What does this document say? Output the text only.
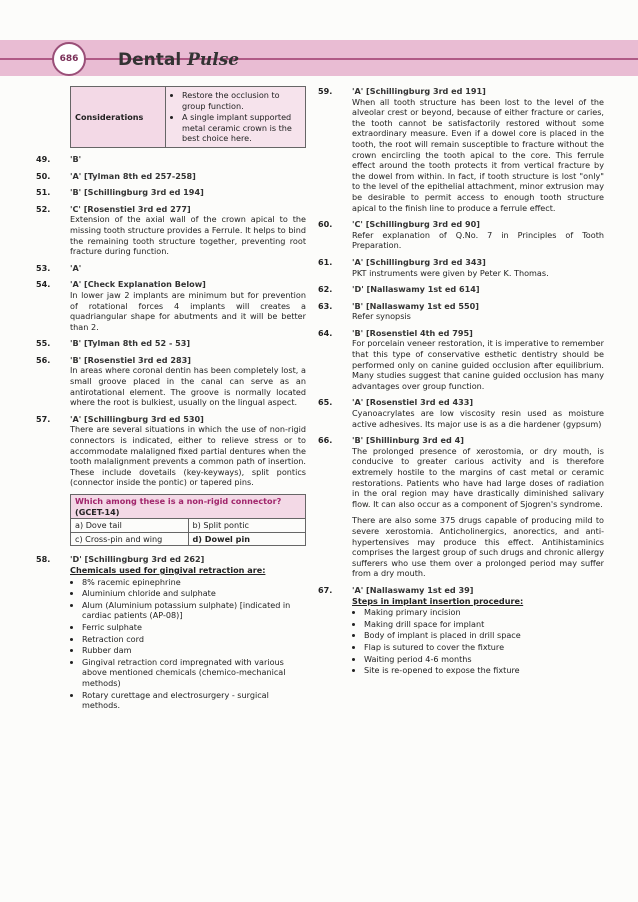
686	Dental Pulse
Considerations	
• Restore the occlusion to group function.
• A single implant supported metal ceramic crown is the best choice here.
49. 'B'
50. 'A' [Tylman 8th ed 257-258]
51. 'B' [Schillingburg 3rd ed 194]
52. 'C' [Rosenstiel 3rd ed 277]
Extension of the axial wall of the crown apical to the missing tooth structure provides a Ferrule. It helps to bind the remaining tooth structure together, preventing root fracture during function.
53. 'A'
54. 'A' [Check Explanation Below]
In lower jaw 2 implants are minimum but for prevention of rotational forces 4 implants will creates a quadriangular shape for abutments and it will be better than 2.
55. 'B' [Tylman 8th ed 52 - 53]
56. 'B' [Rosenstiel 3rd ed 283]
In areas where coronal dentin has been completely lost, a small groove placed in the canal can serve as an antirotational element. The groove is normally located where the root is bulkiest, usually on the lingual aspect.
57. 'A' [Schillingburg 3rd ed 530]
There are several situations in which the use of non-rigid connectors is indicated, either to relieve stress or to accommodate malaligned fixed partial dentures when the tooth malalignment prevents a common path of insertion. These include dovetails (key-keyways), split pontics (connector inside the pontic) or tapered pins.
Which among these is a non-rigid connector? (GCET-14)
a) Dove tail	b) Split pontic
c) Cross-pin and wing	d) Dowel pin
58. 'D' [Schillingburg 3rd ed 262]
Chemicals used for gingival retraction are:
• 8% racemic epinephrine
• Aluminium chloride and sulphate
• Alum (Aluminium potassium sulphate) [indicated in cardiac patients (AP-08)]
• Ferric sulphate
• Retraction cord
• Rubber dam
• Gingival retraction cord impregnated with various above mentioned chemicals (chemico-mechanical methods)
• Rotary curettage and electrosurgery - surgical methods.
59. 'A' [Schillingburg 3rd ed 191]
When all tooth structure has been lost to the level of the alveolar crest or beyond, because of either fracture or caries, the tooth cannot be satisfactorily restored without some extraordinary measure. Even if a dowel core is placed in the tooth, the root will remain susceptible to fracture without the crown encircling the tooth apical to the core. This ferrule effect around the tooth protects it from vertical fracture by the dowel from within. In fact, if tooth structure is lost "only" to the level of the epithelial attachment, minor extrusion may be desirable to permit access to enough tooth structure apical to the finish line to produce a ferrule effect.
60. 'C' [Schillingburg 3rd ed 90]
Refer explanation of Q.No. 7 in Principles of Tooth Preparation.
61. 'A' [Schillingburg 3rd ed 343]
PKT instruments were given by Peter K. Thomas.
62. 'D' [Nallaswamy 1st ed 614]
63. 'B' [Nallaswamy 1st ed 550]
Refer synopsis
64. 'B' [Rosenstiel 4th ed 795]
For porcelain veneer restoration, it is imperative to remember that this type of conservative esthetic dentistry should be performed only on canine guided occlusion after equilibrium. Many studies suggest that canine guided occlusion has many advantages over group function.
65. 'A' [Rosenstiel 3rd ed 433]
Cyanoacrylates are low viscosity resin used as moisture active adhesives. Its major use is as a die hardener (gypsum)
66. 'B' [Shillinburg 3rd ed 4]
The prolonged presence of xerostomia, or dry mouth, is conducive to greater carious activity and is therefore extremely hostile to the margins of cast metal or ceramic restorations. Patients who have had large doses of radiation in the oral region may have drastically diminished salivary flow. It can also occur as a component of Sjogren's syndrome.
There are also some 375 drugs capable of producing mild to severe xerostomia. Anticholinergics, anorectics, and anti-hypertensives may produce this effect. Antihistaminics comprises the largest group of such drugs and chronic allergy sufferers who use them over a prolonged period may suffer from a dry mouth.
67. 'A' [Nallaswamy 1st ed 39]
Steps in implant insertion procedure:
• Making primary incision
• Making drill space for implant
• Body of implant is placed in drill space
• Flap is sutured to cover the fixture
• Waiting period 4-6 months
• Site is re-opened to expose the fixture
